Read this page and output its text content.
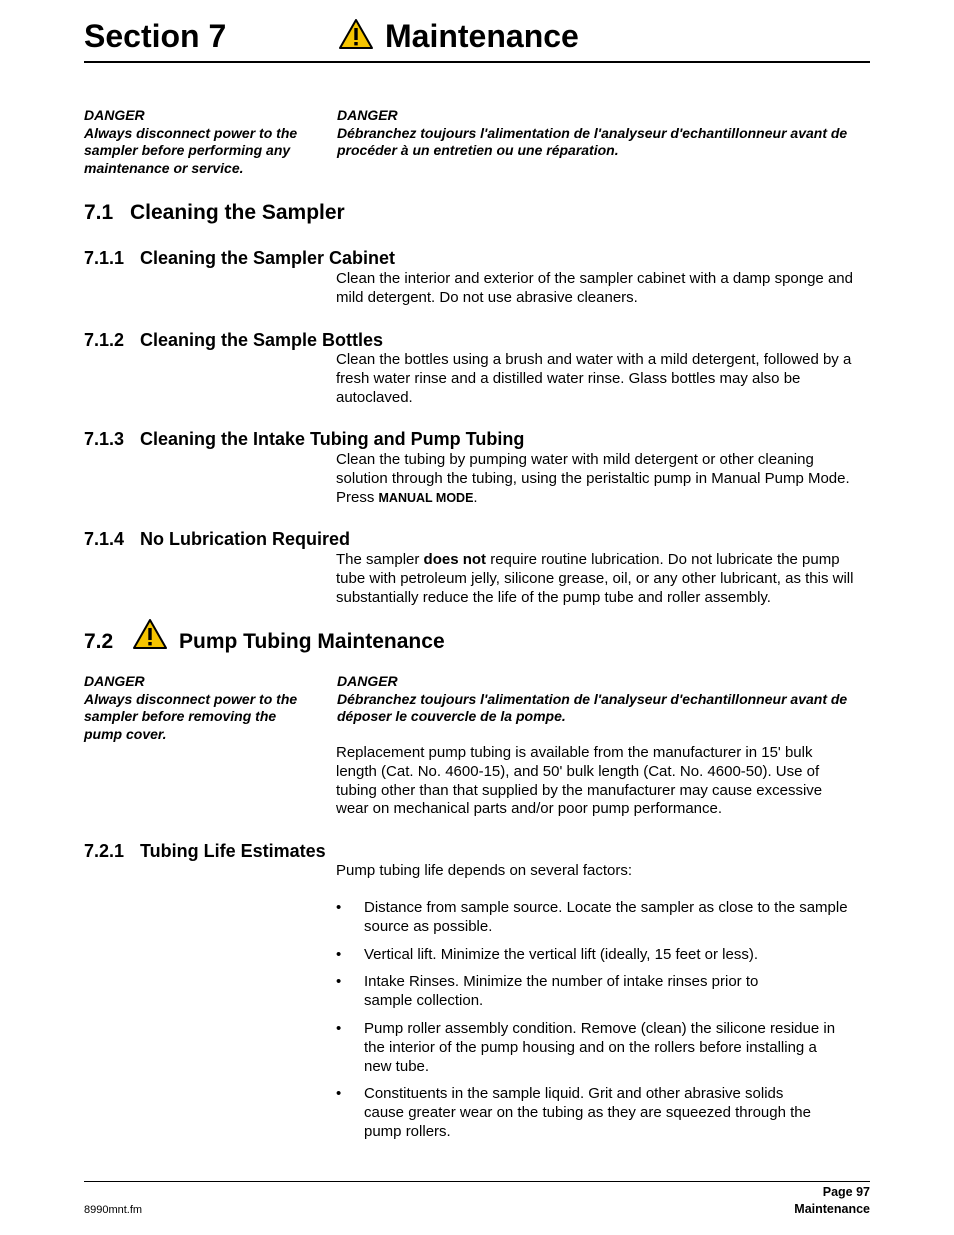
Section 7	Maintenance
DANGER
Always disconnect power to the
sampler before performing any
maintenance or service.
DANGER
Débranchez toujours l'alimentation de l'analyseur d'echantillonneur avant de
procéder à un entretien ou une réparation.
7.1 Cleaning the Sampler
7.1.1 Cleaning the Sampler Cabinet

Clean the interior and exterior of the sampler cabinet with a damp sponge and

mild detergent. Do not use abrasive cleaners.

7.1.2 Cleaning the Sample Bottles

Clean the bottles using a brush and water with a mild detergent, followed by a

fresh water rinse and a distilled water rinse. Glass bottles may also be

autoclaved.

7.1.3 Cleaning the Intake Tubing and Pump Tubing

Clean the tubing by pumping water with mild detergent or other cleaning

solution through the tubing, using the peristaltic pump in Manual Pump Mode.

Press MANUAL MODE.

7.1.4 No Lubrication Required

The sampler does not require routine lubrication. Do not lubricate the pump

tube with petroleum jelly, silicone grease, oil, or any other lubricant, as this will

substantially reduce the life of the pump tube and roller assembly.

7.2	Pump Tubing Maintenance
DANGER
Always disconnect power to the
sampler before removing the
pump cover.
DANGER
Débranchez toujours l'alimentation de l'analyseur d'echantillonneur avant de
déposer le couvercle de la pompe.

Replacement pump tubing is available from the manufacturer in 15' bulk

length (Cat. No. 4600-15), and 50' bulk length (Cat. No. 4600-50). Use of

tubing other than that supplied by the manufacturer may cause excessive

wear on mechanical parts and/or poor pump performance.

7.2.1 Tubing Life Estimates

Pump tubing life depends on several factors:

• Distance from sample source. Locate the sampler as close to the sample
source as possible.
• Vertical lift. Minimize the vertical lift (ideally, 15 feet or less).
• Intake Rinses. Minimize the number of intake rinses prior to
sample collection.
• Pump roller assembly condition. Remove (clean) the silicone residue in
the interior of the pump housing and on the rollers before installing a
new tube.
• Constituents in the sample liquid. Grit and other abrasive solids
cause greater wear on the tubing as they are squeezed through the
pump rollers.
8990mnt.fm
Page 97
Maintenance
